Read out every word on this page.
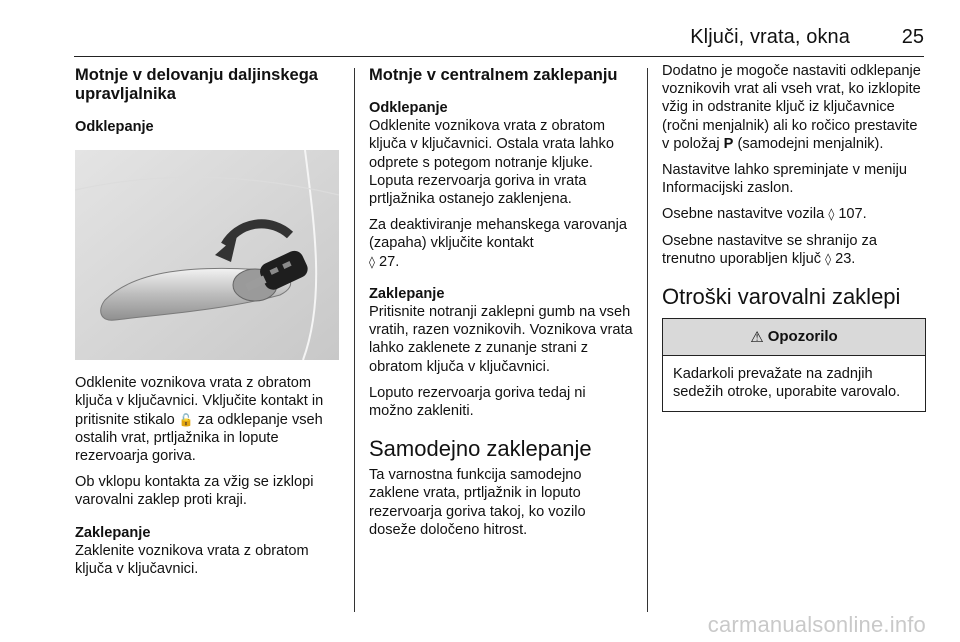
Ključi, vrata, okna	25
Motnje v delovanju daljinskega upravljalnika
Odklepanje

Odklenite voznikova vrata z obratom ključa v ključavnici. Vključite kontakt in pritisnite stikalo 🔓 za odklepanje vseh ostalih vrat, prtljažnika in lopute rezervoarja goriva.

Ob vklopu kontakta za vžig se izklopi varovalni zaklep proti kraji.

Zaklepanje

Zaklenite voznikova vrata z obratom ključa v ključavnici.

Motnje v centralnem zaklepanju
Odklepanje

Odklenite voznikova vrata z obratom ključa v ključavnici. Ostala vrata lahko odprete s potegom notranje kljuke. Loputa rezervoarja goriva in vrata prtljažnika ostanejo zaklenjena.

Za deaktiviranje mehanskega varovanja (zapaha) vključite kontakt
◊ 27.

Zaklepanje

Pritisnite notranji zaklepni gumb na vseh vratih, razen voznikovih. Voznikova vrata lahko zaklenete z zunanje strani z obratom ključa v ključavnici.

Loputo rezervoarja goriva tedaj ni možno zakleniti.

Samodejno zaklepanje

Ta varnostna funkcija samodejno zaklene vrata, prtljažnik in loputo rezervoarja goriva takoj, ko vozilo doseže določeno hitrost.

Dodatno je mogoče nastaviti odklepanje voznikovih vrat ali vseh vrat, ko izklopite vžig in odstranite ključ iz ključavnice (ročni menjalnik) ali ko ročico prestavite v položaj P (samodejni menjalnik).

Nastavitve lahko spreminjate v meniju Informacijski zaslon.

Osebne nastavitve vozila ◊ 107.

Osebne nastavitve se shranijo za trenutno uporabljen ključ ◊ 23.

Otroški varovalni zaklepi
⚠ Opozorilo
Kadarkoli prevažate na zadnjih sedežih otroke, uporabite varovalo.
carmanualsonline.info
